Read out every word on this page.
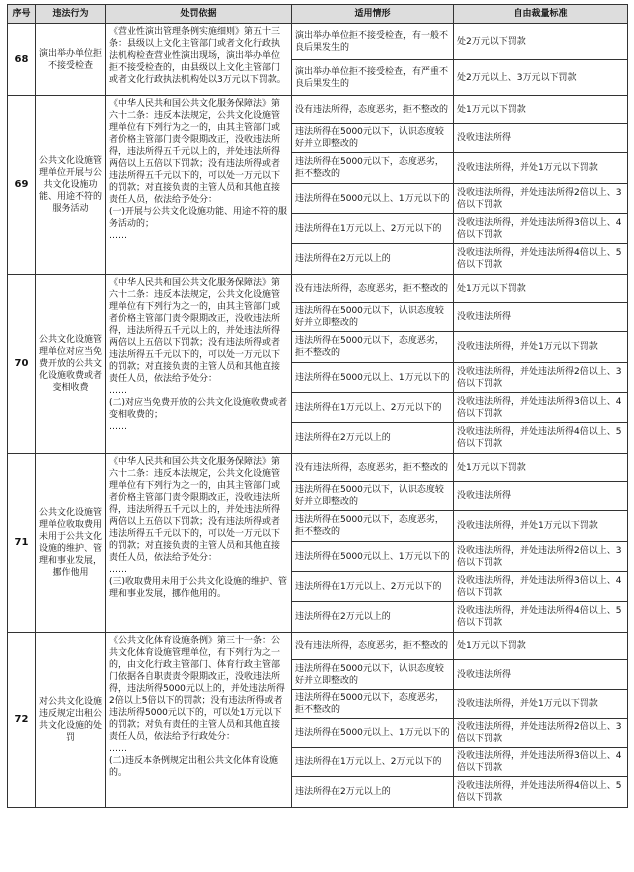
序号	违法行为	处罚依据	适用情形	自由裁量标准
68	演出举办单位拒不接受检查	《营业性演出管理条例实施细则》第五十三条：县级以上文化主管部门或者文化行政执法机构检查营业性演出现场，演出举办单位拒不接受检查的，由县级以上文化主管部门或者文化行政执法机构处以3万元以下罚款。	演出举办单位拒不接受检查，有一般不良后果发生的	处2万元以下罚款
			演出举办单位拒不接受检查，有严重不良后果发生的	处2万元以上、3万元以下罚款
69	公共文化设施管理单位开展与公共文化设施功能、用途不符的服务活动	《中华人民共和国公共文化服务保障法》第六十二条：违反本法规定，公共文化设施管理单位有下列行为之一的，由其主管部门或者价格主管部门责令限期改正，没收违法所得，违法所得五千元以上的，并处违法所得两倍以上五倍以下罚款；没有违法所得或者违法所得五千元以下的，可以处一万元以下的罚款；对直接负责的主管人员和其他直接责任人员，依法给予处分：
(一)开展与公共文化设施功能、用途不符的服务活动的；
……	没有违法所得，态度恶劣，拒不整改的	处1万元以下罚款
			违法所得在5000元以下，认识态度较好并立即整改的	没收违法所得
			违法所得在5000元以下，态度恶劣，拒不整改的	没收违法所得，并处1万元以下罚款
			违法所得在5000元以上、1万元以下的	没收违法所得，并处违法所得2倍以上、3倍以下罚款
			违法所得在1万元以上、2万元以下的	没收违法所得，并处违法所得3倍以上、4倍以下罚款
			违法所得在2万元以上的	没收违法所得，并处违法所得4倍以上、5倍以下罚款
70	公共文化设施管理单位对应当免费开放的公共文化设施收费或者变相收费	《中华人民共和国公共文化服务保障法》第六十二条：违反本法规定，公共文化设施管理单位有下列行为之一的，由其主管部门或者价格主管部门责令限期改正，没收违法所得，违法所得五千元以上的，并处违法所得两倍以上五倍以下罚款；没有违法所得或者违法所得五千元以下的，可以处一万元以下的罚款；对直接负责的主管人员和其他直接责任人员，依法给予处分：
……
(二)对应当免费开放的公共文化设施收费或者变相收费的；
……	没有违法所得，态度恶劣，拒不整改的	处1万元以下罚款
			违法所得在5000元以下，认识态度较好并立即整改的	没收违法所得
			违法所得在5000元以下，态度恶劣，拒不整改的	没收违法所得，并处1万元以下罚款
			违法所得在5000元以上、1万元以下的	没收违法所得，并处违法所得2倍以上、3倍以下罚款
			违法所得在1万元以上、2万元以下的	没收违法所得，并处违法所得3倍以上、4倍以下罚款
			违法所得在2万元以上的	没收违法所得，并处违法所得4倍以上、5倍以下罚款
71	公共文化设施管理单位收取费用未用于公共文化设施的维护、管理和事业发展，挪作他用	《中华人民共和国公共文化服务保障法》第六十二条：违反本法规定，公共文化设施管理单位有下列行为之一的，由其主管部门或者价格主管部门责令限期改正，没收违法所得，违法所得五千元以上的，并处违法所得两倍以上五倍以下罚款；没有违法所得或者违法所得五千元以下的，可以处一万元以下的罚款；对直接负责的主管人员和其他直接责任人员，依法给予处分：
……
(三)收取费用未用于公共文化设施的维护、管理和事业发展，挪作他用的。	没有违法所得，态度恶劣，拒不整改的	处1万元以下罚款
			违法所得在5000元以下，认识态度较好并立即整改的	没收违法所得
			违法所得在5000元以下，态度恶劣，拒不整改的	没收违法所得，并处1万元以下罚款
			违法所得在5000元以上、1万元以下的	没收违法所得，并处违法所得2倍以上、3倍以下罚款
			违法所得在1万元以上、2万元以下的	没收违法所得，并处违法所得3倍以上、4倍以下罚款
			违法所得在2万元以上的	没收违法所得，并处违法所得4倍以上、5倍以下罚款
72	对公共文化设施违反规定出租公共文化设施的处罚	《公共文化体育设施条例》第三十一条：公共文化体育设施管理单位，有下列行为之一的，由文化行政主管部门、体育行政主管部门依据各自职责责令限期改正，没收违法所得，违法所得5000元以上的，并处违法所得2倍以上5倍以下的罚款；没有违法所得或者违法所得5000元以下的，可以处1万元以下的罚款；对负有责任的主管人员和其他直接责任人员，依法给予行政处分：
……
(二)违反本条例规定出租公共文化体育设施的。	没有违法所得，态度恶劣，拒不整改的	处1万元以下罚款
			违法所得在5000元以下，认识态度较好并立即整改的	没收违法所得
			违法所得在5000元以下，态度恶劣，拒不整改的	没收违法所得，并处1万元以下罚款
			违法所得在5000元以上、1万元以下的	没收违法所得，并处违法所得2倍以上、3倍以下罚款
			违法所得在1万元以上、2万元以下的	没收违法所得，并处违法所得3倍以上、4倍以下罚款
			违法所得在2万元以上的	没收违法所得，并处违法所得4倍以上、5倍以下罚款
